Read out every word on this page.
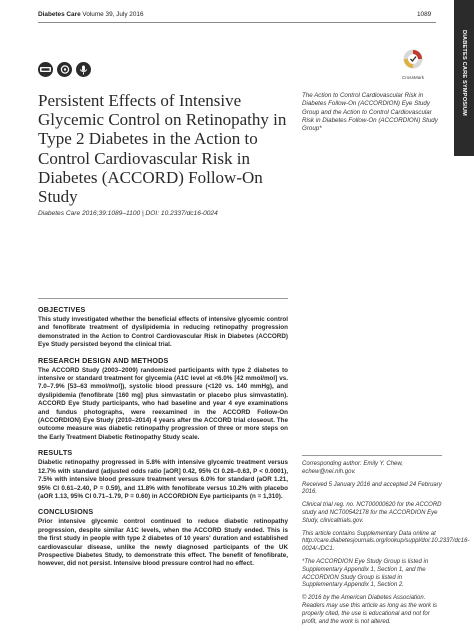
Diabetes Care Volume 39, July 2016	1089
DIABETES CARE SYMPOSIUM
CrossMark
Persistent Effects of Intensive Glycemic Control on Retinopathy in Type 2 Diabetes in the Action to Control Cardiovascular Risk in Diabetes (ACCORD) Follow-On Study
Diabetes Care 2016;39:1089–1100 | DOI: 10.2337/dc16-0024
The Action to Control Cardiovascular Risk in Diabetes Follow-On (ACCORDION) Eye Study Group and the Action to Control Cardiovascular Risk in Diabetes Follow-On (ACCORDION) Study Group*
OBJECTIVES
This study investigated whether the beneficial effects of intensive glycemic control and fenofibrate treatment of dyslipidemia in reducing retinopathy progression demonstrated in the Action to Control Cardiovascular Risk in Diabetes (ACCORD) Eye Study persisted beyond the clinical trial.
RESEARCH DESIGN AND METHODS
The ACCORD Study (2003–2009) randomized participants with type 2 diabetes to intensive or standard treatment for glycemia (A1C level at <6.0% [42 mmol/mol] vs. 7.0–7.9% [53–63 mmol/mol]), systolic blood pressure (<120 vs. 140 mmHg), and dyslipidemia (fenofibrate [160 mg] plus simvastatin or placebo plus simvastatin). ACCORD Eye Study participants, who had baseline and year 4 eye examinations and fundus photographs, were reexamined in the ACCORD Follow-On (ACCORDION) Eye Study (2010–2014) 4 years after the ACCORD trial closeout. The outcome measure was diabetic retinopathy progression of three or more steps on the Early Treatment Diabetic Retinopathy Study scale.
RESULTS
Diabetic retinopathy progressed in 5.8% with intensive glycemic treatment versus 12.7% with standard (adjusted odds ratio [aOR] 0.42, 95% CI 0.28–0.63, P < 0.0001), 7.5% with intensive blood pressure treatment versus 6.0% for standard (aOR 1.21, 95% CI 0.61–2.40, P = 0.59), and 11.8% with fenofibrate versus 10.2% with placebo (aOR 1.13, 95% CI 0.71–1.79, P = 0.60) in ACCORDION Eye participants (n = 1,310).
CONCLUSIONS
Prior intensive glycemic control continued to reduce diabetic retinopathy progression, despite similar A1C levels, when the ACCORD Study ended. This is the first study in people with type 2 diabetes of 10 years' duration and established cardiovascular disease, unlike the newly diagnosed participants of the UK Prospective Diabetes Study, to demonstrate this effect. The benefit of fenofibrate, however, did not persist. Intensive blood pressure control had no effect.

Corresponding author: Emily Y. Chew, echew@nei.nih.gov.

Received 5 January 2016 and accepted 24 February 2016.

Clinical trial reg. no. NCT00000620 for the ACCORD study and NCT00542178 for the ACCORDION Eye Study, clinicaltrials.gov.

This article contains Supplementary Data online at http://care.diabetesjournals.org/lookup/suppl/doi:10.2337/dc16-0024/-/DC1.

*The ACCORDION Eye Study Group is listed in Supplementary Appendix 1, Section 1, and the ACCORDION Study Group is listed in Supplementary Appendix 1, Section 2.

© 2016 by the American Diabetes Association. Readers may use this article as long as the work is properly cited, the use is educational and not for profit, and the work is not altered.
